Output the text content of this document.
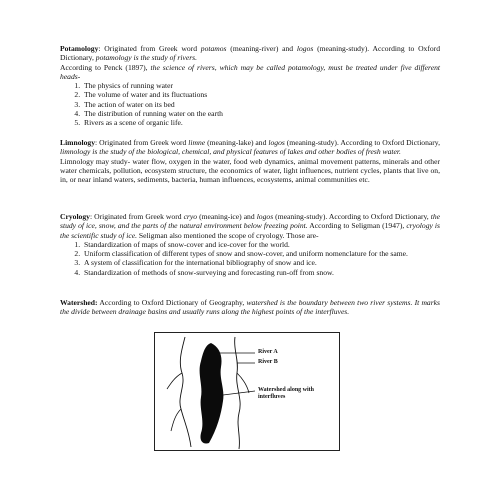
Potamology: Originated from Greek word potamos (meaning-river) and logos (meaning-study). According to Oxford Dictionary, potamology is the study of rivers.
According to Penck (1897), the science of rivers, which may be called potamology, must be treated under five different heads-

1. The physics of running water
2. The volume of water and its fluctuations
3. The action of water on its bed
4. The distribution of running water on the earth
5. Rivers as a scene of organic life.

Limnology: Originated from Greek word limne (meaning-lake) and logos (meaning-study). According to Oxford Dictionary, limnology is the study of the biological, chemical, and physical features of lakes and other bodies of fresh water.

Limnology may study- water flow, oxygen in the water, food web dynamics, animal movement patterns, minerals and other water chemicals, pollution, ecosystem structure, the economics of water, light influences, nutrient cycles, plants that live on, in, or near inland waters, sediments, bacteria, human influences, ecosystems, animal communities etc.

Cryology: Originated from Greek word cryo (meaning-ice) and logos (meaning-study). According to Oxford Dictionary, the study of ice, snow, and the parts of the natural environment below freezing point. According to Seligman (1947), cryology is the scientific study of ice. Seligman also mentioned the scope of cryology. Those are-

1. Standardization of maps of snow-cover and ice-cover for the world.
2. Uniform classification of different types of snow and snow-cover, and uniform nomenclature for the same.
3. A system of classification for the international bibliography of snow and ice.
4. Standardization of methods of snow-surveying and forecasting run-off from snow.

Watershed: According to Oxford Dictionary of Geography, watershed is the boundary between two river systems. It marks the divide between drainage basins and usually runs along the highest points of the interfluves.

River A
River B
Watershed along with
interfluves
